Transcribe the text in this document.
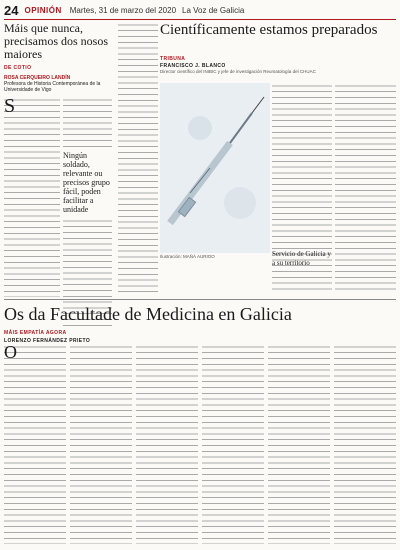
24 OPINIÓN Martes, 31 de marzo del 2020 La Voz de Galicia
Máis que nunca, precisamos dos nosos maiores
DE COTIO
ROSA CERQUEIRO LANDÍN
Profesora de Historia Contemporánea de la Universidade de Vigo
S
Ningún soldado, relevante ou precisos grupo fácil, poden facilitar a unidade
Científicamente estamos preparados
TRIBUNA
FRANCISCO J. BLANCO
Director científico del INIBIC y jefe de investigación Reumatología del CHUAC
Ilustración: MAÑÁ AURIOO	Servicio de Galicia y a su territorio
Os da Facultade de Medicina en Galicia
MÁIS EMPATÍA AGORA
LORENZO FERNÁNDEZ PRIETO
O
